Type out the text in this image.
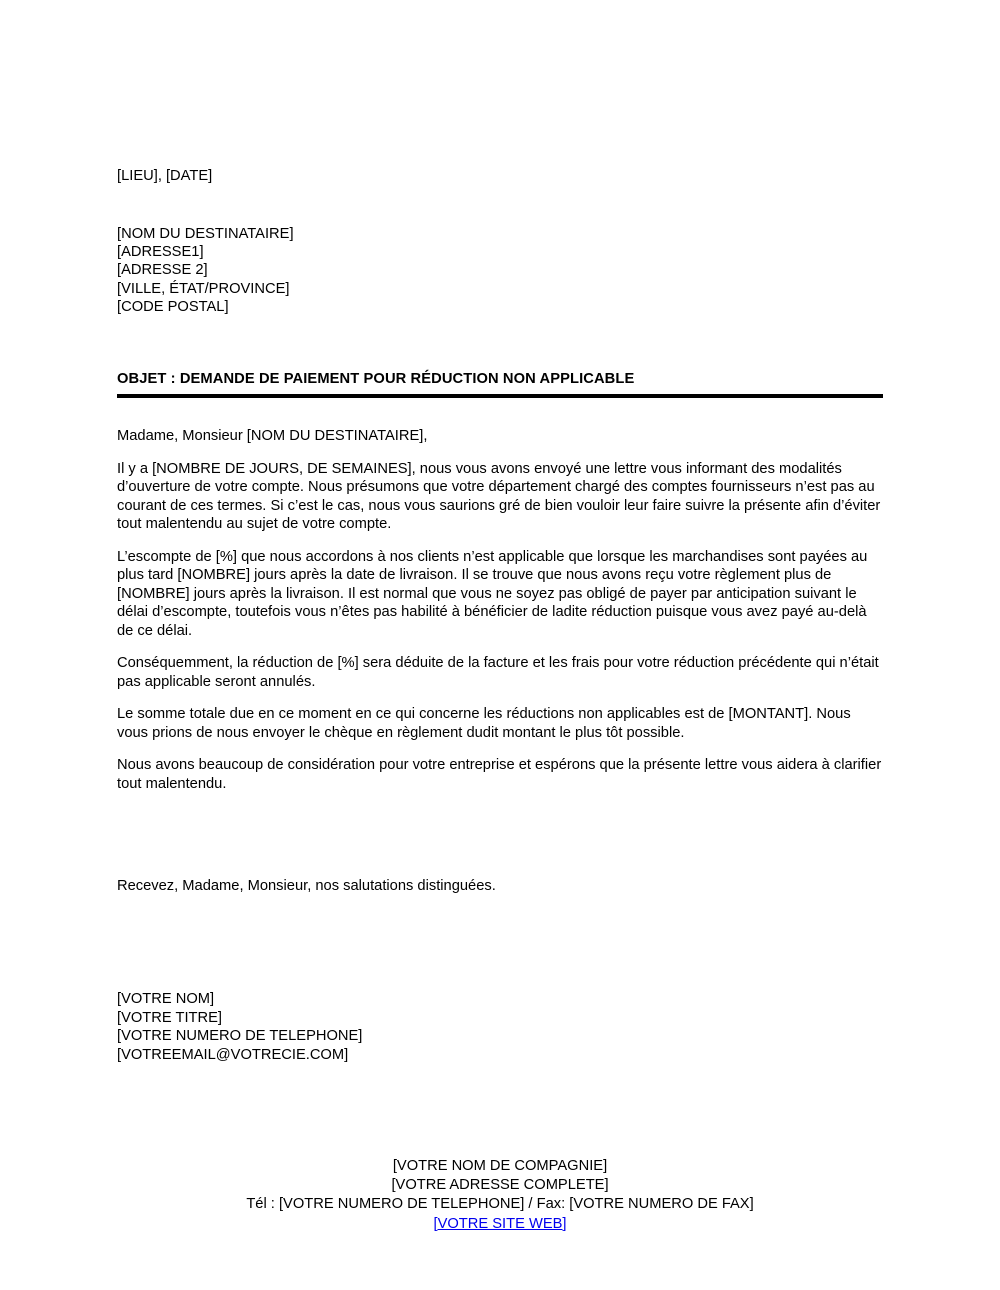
[LIEU], [DATE]
[NOM DU DESTINATAIRE]
[ADRESSE1]
[ADRESSE 2]
[VILLE, ÉTAT/PROVINCE]
[CODE POSTAL]
OBJET : DEMANDE DE PAIEMENT POUR RÉDUCTION NON APPLICABLE

Madame, Monsieur [NOM DU DESTINATAIRE],

Il y a [NOMBRE DE JOURS, DE SEMAINES], nous vous avons envoyé une lettre vous informant des modalités d’ouverture de votre compte. Nous présumons que votre département chargé des comptes fournisseurs n’est pas au courant de ces termes. Si c’est le cas, nous vous saurions gré de bien vouloir leur faire suivre la présente afin d’éviter tout malentendu au sujet de votre compte.

L’escompte de [%] que nous accordons à nos clients n’est applicable que lorsque les marchandises sont payées au plus tard [NOMBRE] jours après la date de livraison. Il se trouve que nous avons reçu votre règlement plus de [NOMBRE] jours après la livraison. Il est normal que vous ne soyez pas obligé de payer par anticipation suivant le délai d’escompte, toutefois vous n’êtes pas habilité à bénéficier de ladite réduction puisque vous avez payé au-delà de ce délai.

Conséquemment, la réduction de [%] sera déduite de la facture et les frais pour votre réduction précédente qui n’était pas applicable seront annulés.

Le somme totale due en ce moment en ce qui concerne les réductions non applicables est de [MONTANT]. Nous vous prions de nous envoyer le chèque en règlement dudit montant le plus tôt possible.

Nous avons beaucoup de considération pour votre entreprise et espérons que la présente lettre vous aidera à clarifier tout malentendu.

Recevez, Madame, Monsieur, nos salutations distinguées.
[VOTRE NOM]
[VOTRE TITRE]
[VOTRE NUMERO DE TELEPHONE]
[VOTREEMAIL@VOTRECIE.COM]
[VOTRE NOM DE COMPAGNIE]
[VOTRE ADRESSE COMPLETE]
Tél : [VOTRE NUMERO DE TELEPHONE] / Fax: [VOTRE NUMERO DE FAX]
[VOTRE SITE WEB]
